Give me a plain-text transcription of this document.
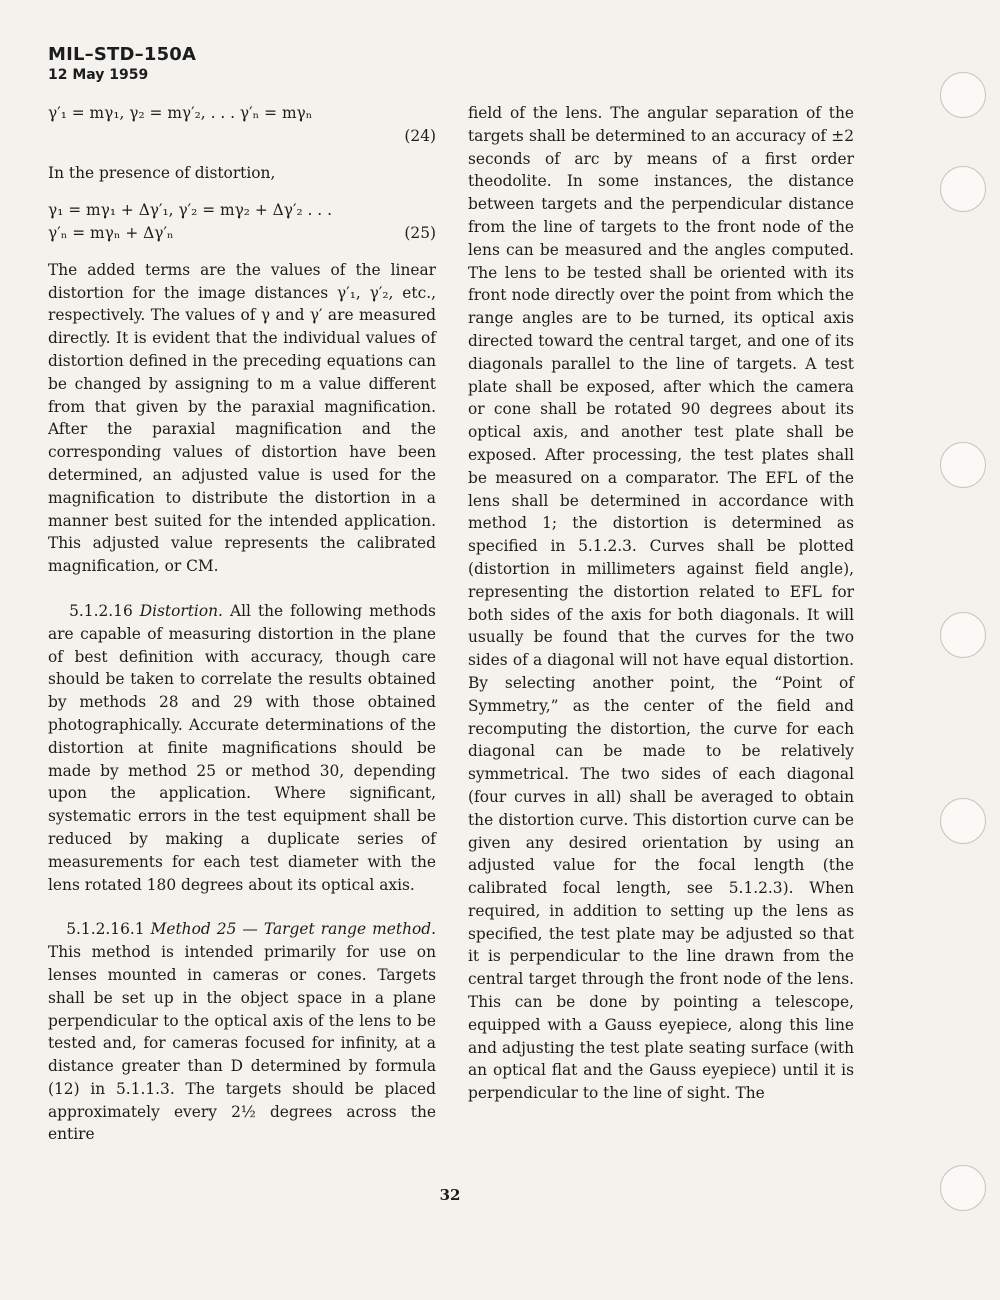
MIL–STD–150A
12 May 1959
γ′₁ = mγ₁, γ₂ = mγ′₂, . . . γ′ₙ = mγₙ
(24)

In the presence of distortion,

γ₁ = mγ₁ + Δγ′₁, γ′₂ = mγ₂ + Δγ′₂ . . .
γ′ₙ = mγₙ + Δγ′ₙ	(25)

The added terms are the values of the linear distortion for the image distances γ′₁, γ′₂, etc., respectively. The values of γ and γ′ are measured directly. It is evident that the individual values of distortion defined in the preceding equations can be changed by assigning to m a value different from that given by the paraxial magnification. After the paraxial magnification and the corresponding values of distortion have been determined, an adjusted value is used for the magnification to distribute the distortion in a manner best suited for the intended application. This adjusted value represents the calibrated magnification, or CM.

5.1.2.16 Distortion. All the following methods are capable of measuring distortion in the plane of best definition with accuracy, though care should be taken to correlate the results obtained by methods 28 and 29 with those obtained photographically. Accurate determinations of the distortion at finite magnifications should be made by method 25 or method 30, depending upon the application. Where significant, systematic errors in the test equipment shall be reduced by making a duplicate series of measurements for each test diameter with the lens rotated 180 degrees about its optical axis.

5.1.2.16.1 Method 25 — Target range method. This method is intended primarily for use on lenses mounted in cameras or cones. Targets shall be set up in the object space in a plane perpendicular to the optical axis of the lens to be tested and, for cameras focused for infinity, at a distance greater than D determined by formula (12) in 5.1.1.3. The targets should be placed approximately every 2½ degrees across the entire

field of the lens. The angular separation of the targets shall be determined to an accuracy of ±2 seconds of arc by means of a first order theodolite. In some instances, the distance between targets and the perpendicular distance from the line of targets to the front node of the lens can be measured and the angles computed. The lens to be tested shall be oriented with its front node directly over the point from which the range angles are to be turned, its optical axis directed toward the central target, and one of its diagonals parallel to the line of targets. A test plate shall be exposed, after which the camera or cone shall be rotated 90 degrees about its optical axis, and another test plate shall be exposed. After processing, the test plates shall be measured on a comparator. The EFL of the lens shall be determined in accordance with method 1; the distortion is determined as specified in 5.1.2.3. Curves shall be plotted (distortion in millimeters against field angle), representing the distortion related to EFL for both sides of the axis for both diagonals. It will usually be found that the curves for the two sides of a diagonal will not have equal distortion. By selecting another point, the “Point of Symmetry,” as the center of the field and recomputing the distortion, the curve for each diagonal can be made to be relatively symmetrical. The two sides of each diagonal (four curves in all) shall be averaged to obtain the distortion curve. This distortion curve can be given any desired orientation by using an adjusted value for the focal length (the calibrated focal length, see 5.1.2.3). When required, in addition to setting up the lens as specified, the test plate may be adjusted so that it is perpendicular to the line drawn from the central target through the front node of the lens. This can be done by pointing a telescope, equipped with a Gauss eyepiece, along this line and adjusting the test plate seating surface (with an optical flat and the Gauss eyepiece) until it is perpendicular to the line of sight. The

32
